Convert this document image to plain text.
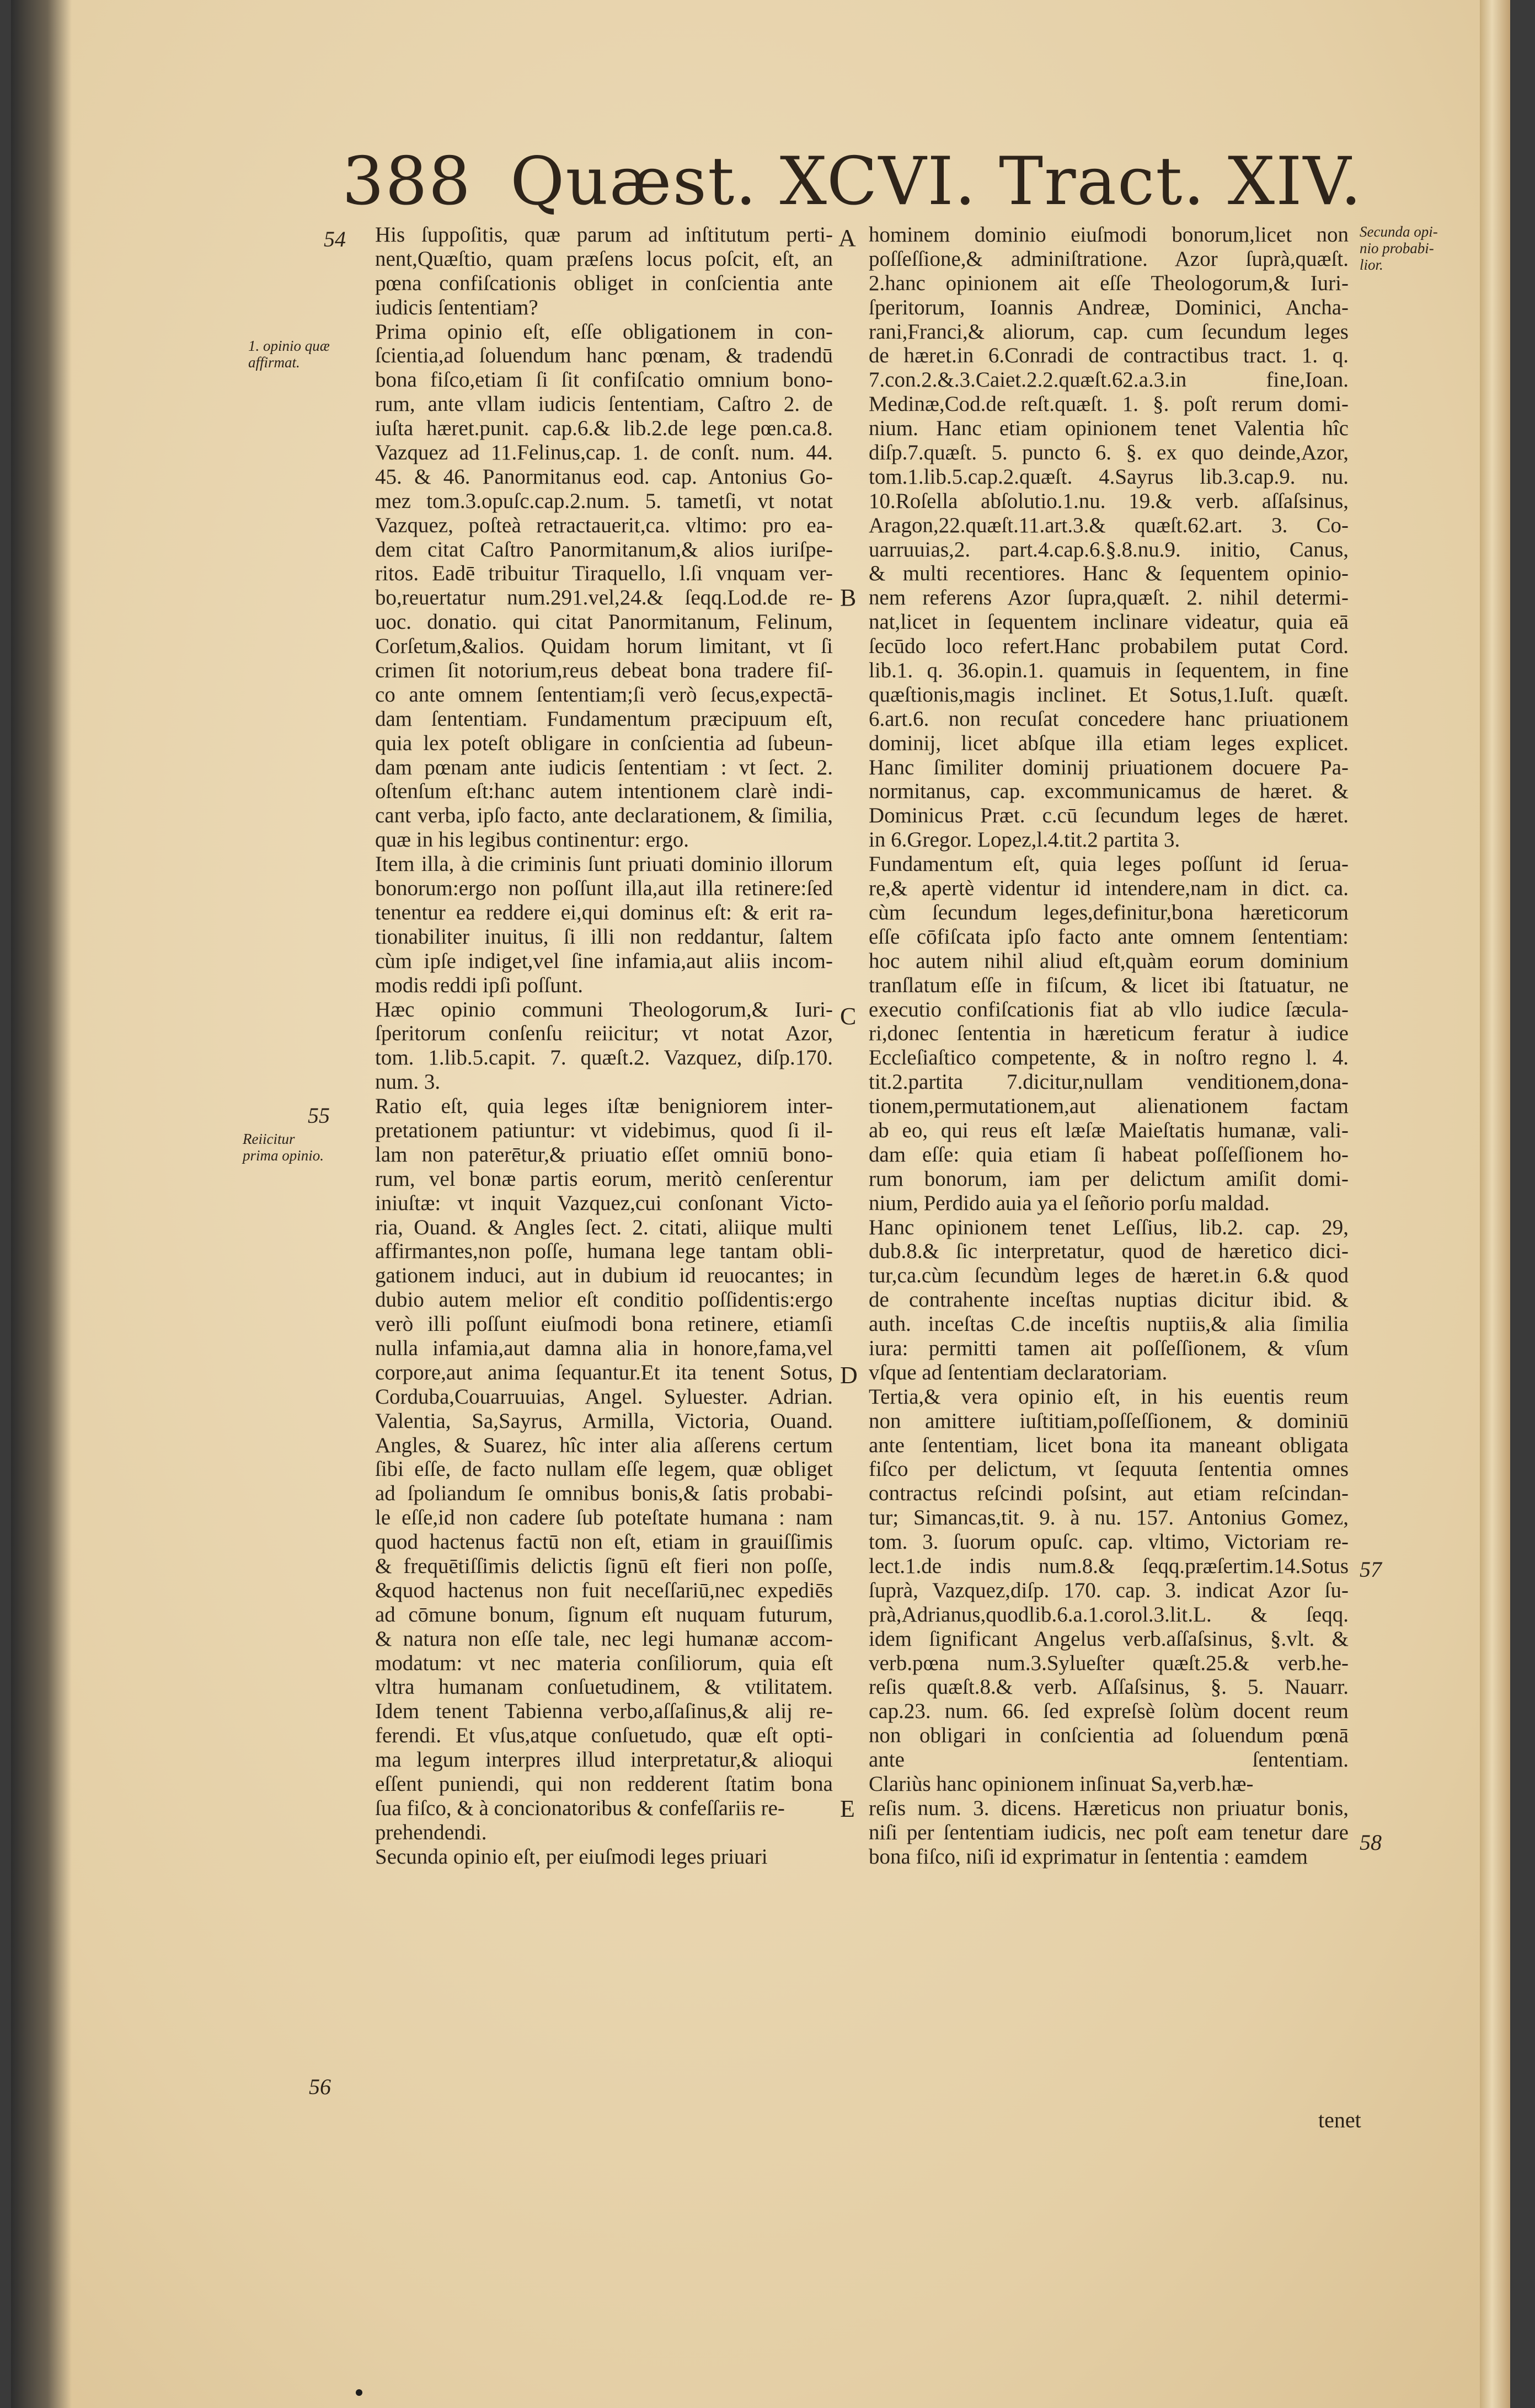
388 Quæst. XCVI. Tract. XIV.
His ſuppoſitis, quæ parum ad inſtitutum perti-
nent,Quæſtio, quam præſens locus poſcit, eſt, an
pœna confiſcationis obliget in conſcientia ante
iudicis ſententiam?
Prima opinio eſt, eſſe obligationem in con-
ſcientia,ad ſoluendum hanc pœnam, & tradendū
bona fiſco,etiam ſi ſit confiſcatio omnium bono-
rum, ante vllam iudicis ſententiam, Caſtro 2. de
iuſta hæret.punit. cap.6.& lib.2.de lege pœn.ca.8.
Vazquez ad 11.Felinus,cap. 1. de conſt. num. 44.
45. & 46. Panormitanus eod. cap. Antonius Go-
mez tom.3.opuſc.cap.2.num. 5. tametſi, vt notat
Vazquez, poſteà retractauerit,ca. vltimo: pro ea-
dem citat Caſtro Panormitanum,& alios iuriſpe-
ritos. Eadē tribuitur Tiraquello, l.ſi vnquam ver-
bo,reuertatur num.291.vel,24.& ſeqq.Lod.de re-
uoc. donatio. qui citat Panormitanum, Felinum,
Corſetum,&alios. Quidam horum limitant, vt ſi
crimen ſit notorium,reus debeat bona tradere fiſ-
co ante omnem ſententiam;ſi verò ſecus,expectā-
dam ſententiam. Fundamentum præcipuum eſt,
quia lex poteſt obligare in conſcientia ad ſubeun-
dam pœnam ante iudicis ſententiam : vt ſect. 2.
oſtenſum eſt:hanc autem intentionem clarè indi-
cant verba, ipſo facto, ante declarationem, & ſimilia,
quæ in his legibus continentur: ergo.
Item illa, à die criminis ſunt priuati dominio illorum
bonorum:ergo non poſſunt illa,aut illa retinere:ſed
tenentur ea reddere ei,qui dominus eſt: & erit ra-
tionabiliter inuitus, ſi illi non reddantur, ſaltem
cùm ipſe indiget,vel ſine infamia,aut aliis incom-
modis reddi ipſi poſſunt.
Hæc opinio communi Theologorum,& Iuri-
ſperitorum conſenſu reiicitur; vt notat Azor,
tom. 1.lib.5.capit. 7. quæſt.2. Vazquez, diſp.170.
num. 3.
Ratio eſt, quia leges iſtæ benigniorem inter-
pretationem patiuntur: vt videbimus, quod ſi il-
lam non paterētur,& priuatio eſſet omniū bono-
rum, vel bonæ partis eorum, meritò cenſerentur
iniuſtæ: vt inquit Vazquez,cui conſonant Victo-
ria, Ouand. & Angles ſect. 2. citati, aliique multi
affirmantes,non poſſe, humana lege tantam obli-
gationem induci, aut in dubium id reuocantes; in
dubio autem melior eſt conditio poſſidentis:ergo
verò illi poſſunt eiuſmodi bona retinere, etiamſi
nulla infamia,aut damna alia in honore,fama,vel
corpore,aut anima ſequantur.Et ita tenent Sotus,
Corduba,Couarruuias, Angel. Syluester. Adrian.
Valentia, Sa,Sayrus, Armilla, Victoria, Ouand.
Angles, & Suarez, hîc inter alia aſſerens certum
ſibi eſſe, de facto nullam eſſe legem, quæ obliget
ad ſpoliandum ſe omnibus bonis,& ſatis probabi-
le eſſe,id non cadere ſub poteſtate humana : nam
quod hactenus factū non eſt, etiam in grauiſſimis
& frequētiſſimis delictis ſignū eſt fieri non poſſe,
&quod hactenus non fuit neceſſariū,nec expediēs
ad cōmune bonum, ſignum eſt nuquam futurum,
& natura non eſſe tale, nec legi humanæ accom-
modatum: vt nec materia conſiliorum, quia eſt
vltra humanam conſuetudinem, & vtilitatem.
Idem tenent Tabienna verbo,aſſaſinus,& alij re-
ferendi. Et vſus,atque conſuetudo, quæ eſt opti-
ma legum interpres illud interpretatur,& alioqui
eſſent puniendi, qui non redderent ſtatim bona
ſua fiſco, & à concionatoribus & confeſſariis re-
prehendendi.
Secunda opinio eſt, per eiuſmodi leges priuari
hominem dominio eiuſmodi bonorum,licet non
poſſeſſione,& adminiſtratione. Azor ſuprà,quæſt.
2.hanc opinionem ait eſſe Theologorum,& Iuri-
ſperitorum, Ioannis Andreæ, Dominici, Ancha-
rani,Franci,& aliorum, cap. cum ſecundum leges
de hæret.in 6.Conradi de contractibus tract. 1. q.
7.con.2.&.3.Caiet.2.2.quæſt.62.a.3.in fine,Ioan.
Medinæ,Cod.de reſt.quæſt. 1. §. poſt rerum domi-
nium. Hanc etiam opinionem tenet Valentia hîc
diſp.7.quæſt. 5. puncto 6. §. ex quo deinde,Azor,
tom.1.lib.5.cap.2.quæſt. 4.Sayrus lib.3.cap.9. nu.
10.Roſella abſolutio.1.nu. 19.& verb. aſſaſsinus,
Aragon,22.quæſt.11.art.3.& quæſt.62.art. 3. Co-
uarruuias,2. part.4.cap.6.§.8.nu.9. initio, Canus,
& multi recentiores. Hanc & ſequentem opinio-
nem referens Azor ſupra,quæſt. 2. nihil determi-
nat,licet in ſequentem inclinare videatur, quia eā
ſecūdo loco refert.Hanc probabilem putat Cord.
lib.1. q. 36.opin.1. quamuis in ſequentem, in fine
quæſtionis,magis inclinet. Et Sotus,1.Iuſt. quæſt.
6.art.6. non recuſat concedere hanc priuationem
dominij, licet abſque illa etiam leges explicet.
Hanc ſimiliter dominij priuationem docuere Pa-
normitanus, cap. excommunicamus de hæret. &
Dominicus Præt. c.cū ſecundum leges de hæret.
in 6.Gregor. Lopez,l.4.tit.2 partita 3.
Fundamentum eſt, quia leges poſſunt id ſerua-
re,& apertè videntur id intendere,nam in dict. ca.
cùm ſecundum leges,definitur,bona hæreticorum
eſſe cōfiſcata ipſo facto ante omnem ſententiam:
hoc autem nihil aliud eſt,quàm eorum dominium
tranſlatum eſſe in fiſcum, & licet ibi ſtatuatur, ne
executio confiſcationis fiat ab vllo iudice ſæcula-
ri,donec ſententia in hæreticum feratur à iudice
Eccleſiaſtico competente, & in noſtro regno l. 4.
tit.2.partita 7.dicitur,nullam venditionem,dona-
tionem,permutationem,aut alienationem factam
ab eo, qui reus eſt læſæ Maieſtatis humanæ, vali-
dam eſſe: quia etiam ſi habeat poſſeſſionem ho-
rum bonorum, iam per delictum amiſit domi-
nium, Perdido auia ya el ſeñorio porſu maldad.
Hanc opinionem tenet Leſſius, lib.2. cap. 29,
dub.8.& ſic interpretatur, quod de hæretico dici-
tur,ca.cùm ſecundùm leges de hæret.in 6.& quod
de contrahente inceſtas nuptias dicitur ibid. &
auth. inceſtas C.de inceſtis nuptiis,& alia ſimilia
iura: permitti tamen ait poſſeſſionem, & vſum
vſque ad ſententiam declaratoriam.
Tertia,& vera opinio eſt, in his euentis reum
non amittere iuſtitiam,poſſeſſionem, & dominiū
ante ſententiam, licet bona ita maneant obligata
fiſco per delictum, vt ſequuta ſententia omnes
contractus reſcindi poſsint, aut etiam reſcindan-
tur; Simancas,tit. 9. à nu. 157. Antonius Gomez,
tom. 3. ſuorum opuſc. cap. vltimo, Victoriam re-
lect.1.de indis num.8.& ſeqq.præſertim.14.Sotus
ſuprà, Vazquez,diſp. 170. cap. 3. indicat Azor ſu-
prà,Adrianus,quodlib.6.a.1.corol.3.lit.L. & ſeqq.
idem ſignificant Angelus verb.aſſaſsinus, §.vlt. &
verb.pœna num.3.Sylueſter quæſt.25.& verb.he-
reſis quæſt.8.& verb. Aſſaſsinus, §. 5. Nauarr.
cap.23. num. 66. ſed expreſsè ſolùm docent reum
non obligari in conſcientia ad ſoluendum pœnā
ante ſententiam.
Clariùs hanc opinionem inſinuat Sa,verb.hæ-
reſis num. 3. dicens. Hæreticus non priuatur bonis,
niſi per ſententiam iudicis, nec poſt eam tenetur dare
bona fiſco, niſi id exprimatur in ſententia : eamdem
54
55
56
57
58
A
B
C
D
E
1. opinio quæ
affirmat.
Reiicitur
prima opinio.
Secunda opi-
nio probabi-
lior.
tenet
